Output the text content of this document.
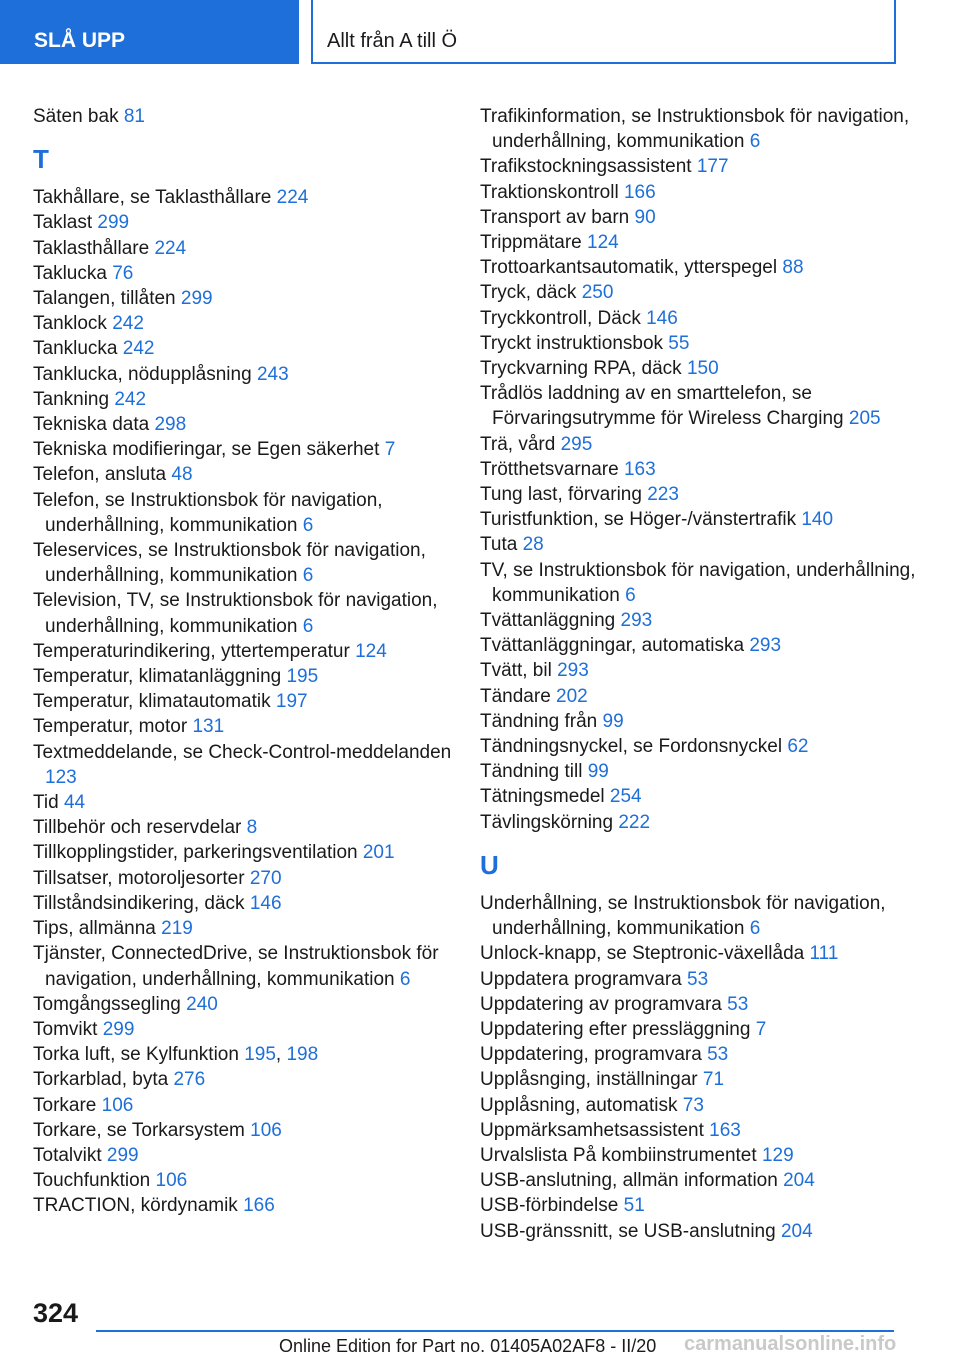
SLÅ UPP	Allt från A till Ö
Säten bak 81
T
Takhållare, se Taklasthållare 224
Taklast 299
Taklasthållare 224
Taklucka 76
Talangen, tillåten 299
Tanklock 242
Tanklucka 242
Tanklucka, nödupplåsning 243
Tankning 242
Tekniska data 298
Tekniska modifieringar, se Egen säkerhet 7
Telefon, ansluta 48
Telefon, se Instruktionsbok för navigation, underhållning, kommunikation 6
Teleservices, se Instruktionsbok för navigation, underhållning, kommunikation 6
Television, TV, se Instruktionsbok för navigation, underhållning, kommunikation 6
Temperaturindikering, yttertemperatur 124
Temperatur, klimatanläggning 195
Temperatur, klimatautomatik 197
Temperatur, motor 131
Textmeddelande, se Check-Control-meddelanden 123
Tid 44
Tillbehör och reservdelar 8
Tillkopplingstider, parkeringsventilation 201
Tillsatser, motoroljesorter 270
Tillståndsindikering, däck 146
Tips, allmänna 219
Tjänster, ConnectedDrive, se Instruktionsbok för navigation, underhållning, kommunikation 6
Tomgångssegling 240
Tomvikt 299
Torka luft, se Kylfunktion 195, 198
Torkarblad, byta 276
Torkare 106
Torkare, se Torkarsystem 106
Totalvikt 299
Touchfunktion 106
TRACTION, kördynamik 166
Trafikinformation, se Instruktionsbok för navigation, underhållning, kommunikation 6
Trafikstockningsassistent 177
Traktionskontroll 166
Transport av barn 90
Trippmätare 124
Trottoarkantsautomatik, ytterspegel 88
Tryck, däck 250
Tryckkontroll, Däck 146
Tryckt instruktionsbok 55
Tryckvarning RPA, däck 150
Trådlös laddning av en smarttelefon, se Förvaringsutrymme för Wireless Charging 205
Trä, vård 295
Trötthetsvarnare 163
Tung last, förvaring 223
Turistfunktion, se Höger-/vänstertrafik 140
Tuta 28
TV, se Instruktionsbok för navigation, underhållning, kommunikation 6
Tvättanläggning 293
Tvättanläggningar, automatiska 293
Tvätt, bil 293
Tändare 202
Tändning från 99
Tändningsnyckel, se Fordonsnyckel 62
Tändning till 99
Tätningsmedel 254
Tävlingskörning 222
U
Underhållning, se Instruktionsbok för navigation, underhållning, kommunikation 6
Unlock-knapp, se Steptronic-växellåda 111
Uppdatera programvara 53
Uppdatering av programvara 53
Uppdatering efter pressläggning 7
Uppdatering, programvara 53
Upplåsnging, inställningar 71
Upplåsning, automatisk 73
Uppmärksamhetsassistent 163
Urvalslista På kombiinstrumentet 129
USB-anslutning, allmän information 204
USB-förbindelse 51
USB-gränssnitt, se USB-anslutning 204
324
Online Edition for Part no. 01405A02AF8 - II/20 carmanualsonline.info
